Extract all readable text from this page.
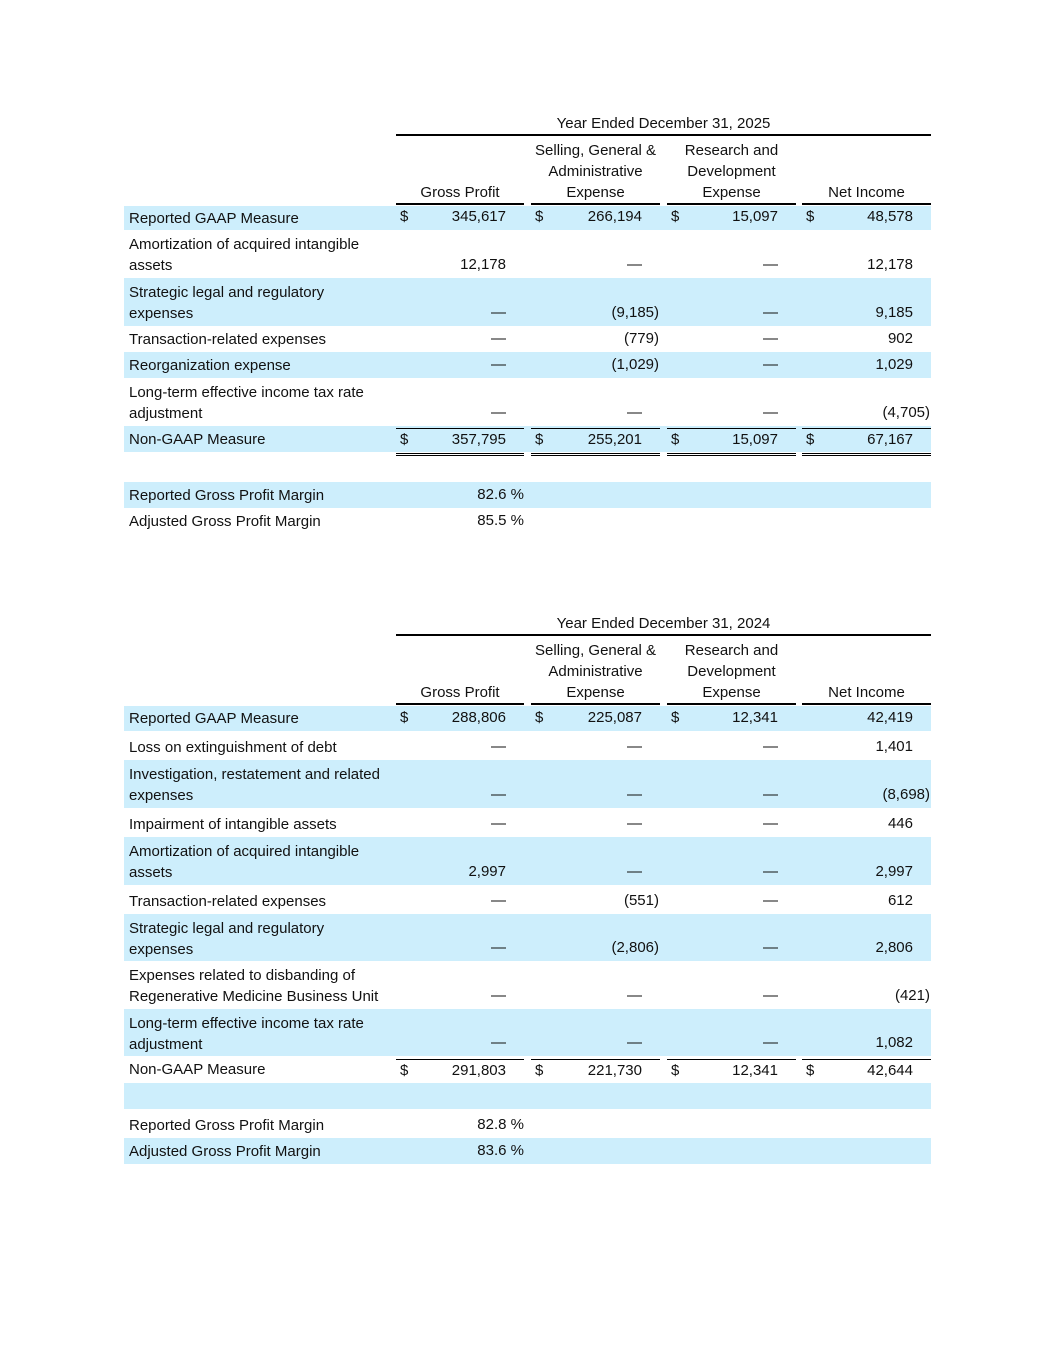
Year Ended December 31, 2025
Gross Profit
Selling, General & Administrative Expense
Research and Development Expense	Net Income
Reported GAAP Measure	$	345,617 $	266,194 $	15,097 $	48,578
Amortization of acquired intangible assets	12,178	—	—	12,178
Strategic legal and regulatory expenses	—	(9,185)	—	9,185
Transaction-related expenses	—	(779)	—	902
Reorganization expense	—	(1,029)	—	1,029
Long-term effective income tax rate adjustment	—	—	—	(4,705)
Non-GAAP Measure	$	357,795 $	255,201 $	15,097 $	67,167
Reported Gross Profit Margin	82.6 %
Adjusted Gross Profit Margin	85.5 %
Year Ended December 31, 2024
Gross Profit
Selling, General & Administrative Expense
Research and Development Expense	Net Income
Reported GAAP Measure	$	288,806 $	225,087 $	12,341	42,419
Loss on extinguishment of debt	—	—	—	1,401
Investigation, restatement and related expenses	—	—	—	(8,698)
Impairment of intangible assets	—	—	—	446
Amortization of acquired intangible assets	2,997	—	—	2,997
Transaction-related expenses	—	(551)	—	612
Strategic legal and regulatory expenses	—	(2,806)	—	2,806
Expenses related to disbanding of Regenerative Medicine Business Unit	—	—	—	(421)
Long-term effective income tax rate adjustment	—	—	—	1,082
Non-GAAP Measure	$	291,803 $	221,730 $	12,341 $	42,644
Reported Gross Profit Margin	82.8 %
Adjusted Gross Profit Margin	83.6 %
